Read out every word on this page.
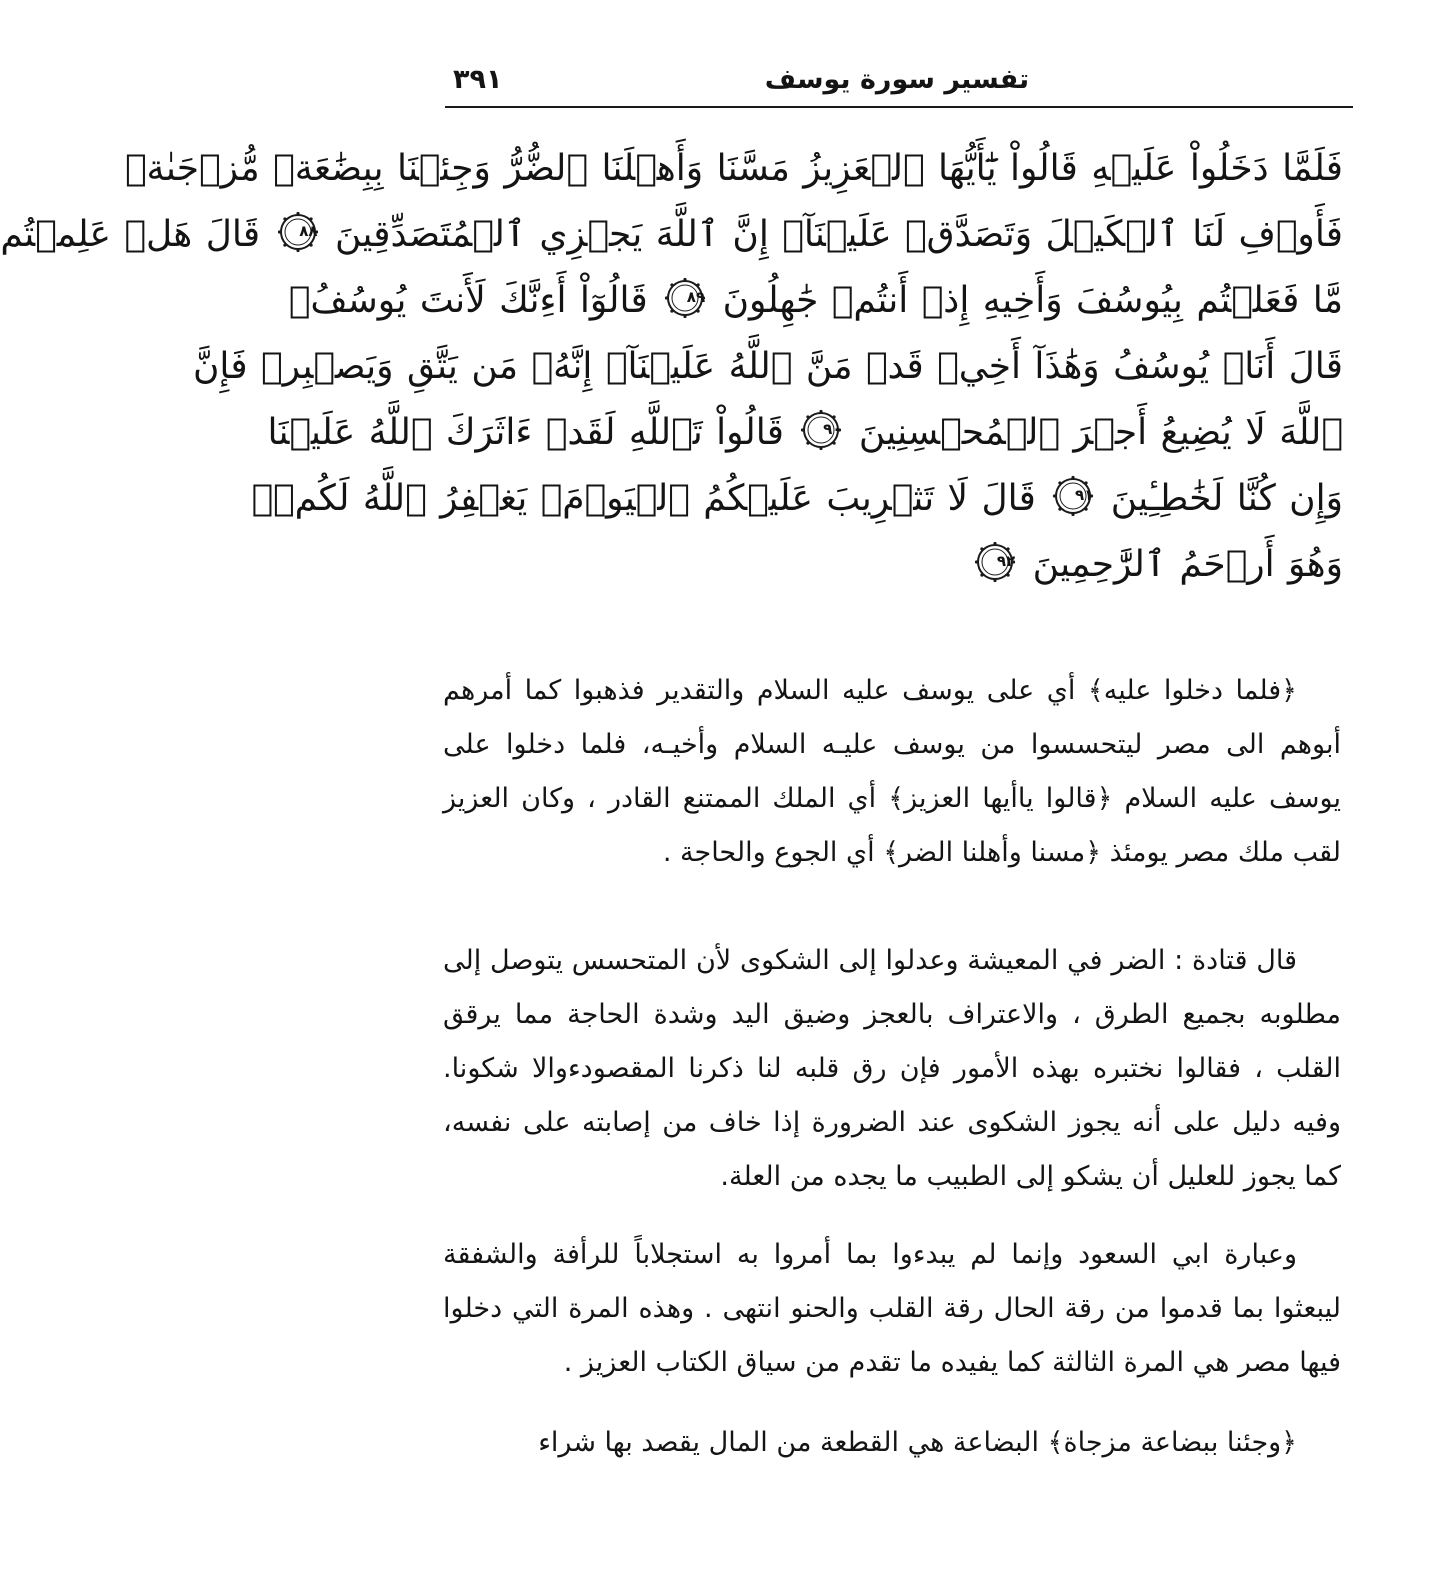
تفسير سورة يوسف
٣٩١
فَلَمَّا دَخَلُواْ عَلَيۡهِ قَالُواْ يَٰٓأَيُّهَا ٱلۡعَزِيزُ مَسَّنَا وَأَهۡلَنَا ٱلضُّرُّ وَجِئۡنَا بِبِضَٰعَةٖ مُّزۡجَىٰةٖ
فَأَوۡفِ لَنَا ٱلۡكَيۡلَ وَتَصَدَّقۡ عَلَيۡنَآۖ إِنَّ ٱللَّهَ يَجۡزِي ٱلۡمُتَصَدِّقِينَ
٨٨
قَالَ هَلۡ عَلِمۡتُم
مَّا فَعَلۡتُم بِيُوسُفَ وَأَخِيهِ إِذۡ أَنتُمۡ جَٰهِلُونَ
٨٩
قَالُوٓاْ أَءِنَّكَ لَأَنتَ يُوسُفُۖ
قَالَ أَنَا۠ يُوسُفُ وَهَٰذَآ أَخِيۖ قَدۡ مَنَّ ٱللَّهُ عَلَيۡنَآۖ إِنَّهُۥ مَن يَتَّقِ وَيَصۡبِرۡ فَإِنَّ
ٱللَّهَ لَا يُضِيعُ أَجۡرَ ٱلۡمُحۡسِنِينَ
٩٠
قَالُواْ تَٱللَّهِ لَقَدۡ ءَاثَرَكَ ٱللَّهُ عَلَيۡنَا
وَإِن كُنَّا لَخَٰطِـِٔينَ
٩١
قَالَ لَا تَثۡرِيبَ عَلَيۡكُمُ ٱلۡيَوۡمَۖ يَغۡفِرُ ٱللَّهُ لَكُمۡۖ
وَهُوَ أَرۡحَمُ ٱلرَّٰحِمِينَ
٩٢

﴿فلما دخلوا عليه﴾ أي على يوسف عليه السلام والتقدير فذهبوا كما أمرهم أبوهم الى مصر ليتحسسوا من يوسف عليـه السلام وأخيـه، فلما دخلوا على يوسف عليه السلام ﴿قالوا ياأيها العزيز﴾ أي الملك الممتنع القادر ، وكان العزيز لقب ملك مصر يومئذ ﴿مسنا وأهلنا الضر﴾ أي الجوع والحاجة .

قال قتادة : الضر في المعيشة وعدلوا إلى الشكوى لأن المتحسس يتوصل إلى مطلوبه بجميع الطرق ، والاعتراف بالعجز وضيق اليد وشدة الحاجة مما يرقق القلب ، فقالوا نختبره بهذه الأمور فإن رق قلبه لنا ذكرنا المقصودءوالا شكونا. وفيه دليل على أنه يجوز الشكوى عند الضرورة إذا خاف من إصابته على نفسه، كما يجوز للعليل أن يشكو إلى الطبيب ما يجده من العلة.

وعبارة ابي السعود وإنما لم يبدءوا بما أمروا به استجلاباً للرأفة والشفقة ليبعثوا بما قدموا من رقة الحال رقة القلب والحنو انتهى . وهذه المرة التي دخلوا فيها مصر هي المرة الثالثة كما يفيده ما تقدم من سياق الكتاب العزيز .

﴿وجئنا ببضاعة مزجاة﴾ البضاعة هي القطعة من المال يقصد بها شراء
